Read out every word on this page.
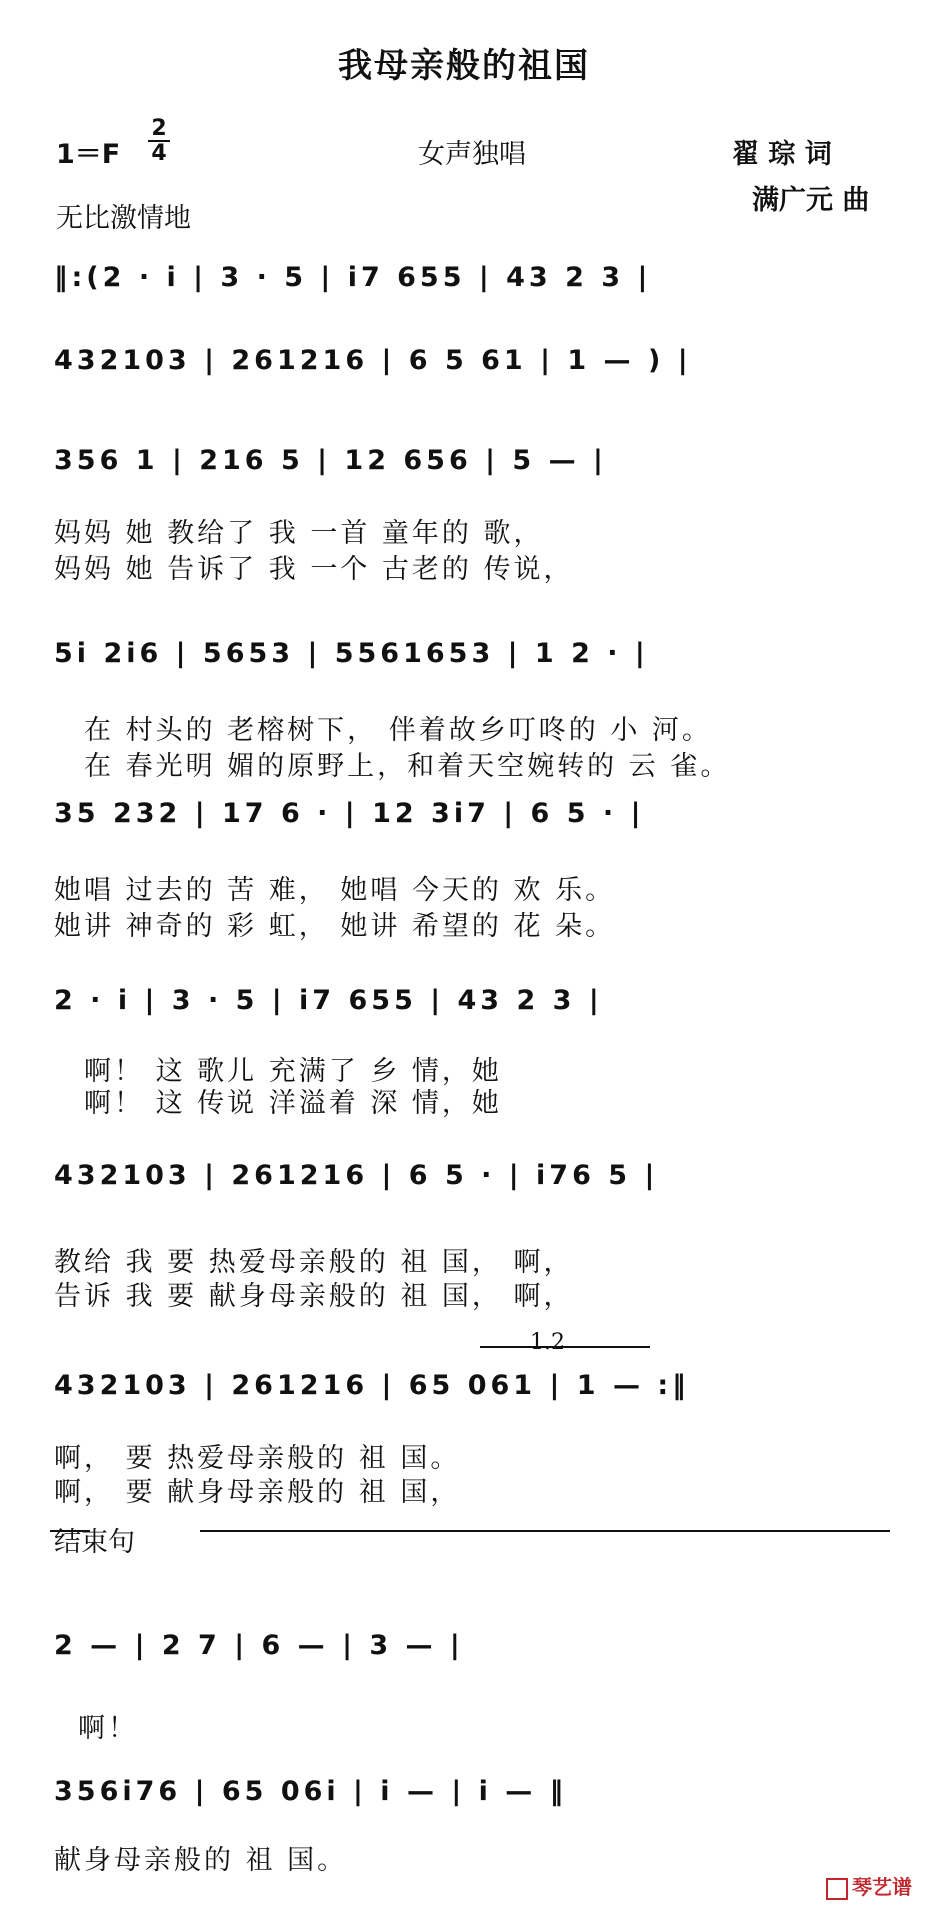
我母亲般的祖国
1＝F
2
4	女声独唱	翟 琮 词
满广元 曲
无比激情地
‖:(2 · i | 3 · 5 | i7 655 | 43 2 3 |
432103 | 261216 | 6 5 61 | 1 — ) |
356 1 | 216 5 | 12 656 | 5 — |
妈妈 她 教给了 我 一首 童年的 歌，
妈妈 她 告诉了 我 一个 古老的 传说，
5i 2i6 | 5653 | 5561653 | 1 2 · |
在 村头的 老榕树下， 伴着故乡叮咚的 小 河。
在 春光明 媚的原野上，和着天空婉转的 云 雀。
35 232 | 17 6 · | 12 3i7 | 6 5 · |
她唱 过去的 苦 难， 她唱 今天的 欢 乐。
她讲 神奇的 彩 虹， 她讲 希望的 花 朵。
2 · i | 3 · 5 | i7 655 | 43 2 3 |
啊！ 这 歌儿 充满了 乡 情，她
啊！ 这 传说 洋溢着 深 情，她
432103 | 261216 | 6 5 · | i76 5 |
教给 我 要 热爱母亲般的 祖 国， 啊，
告诉 我 要 献身母亲般的 祖 国， 啊，
1.2
432103 | 261216 | 65 061 | 1 — :‖
啊， 要 热爱母亲般的 祖 国。
啊， 要 献身母亲般的 祖 国，
结束句
2 — | 2 7 | 6 — | 3 — |
啊！
356i76 | 65 06i | i — | i — ‖
献身母亲般的 祖 国。
琴艺谱
